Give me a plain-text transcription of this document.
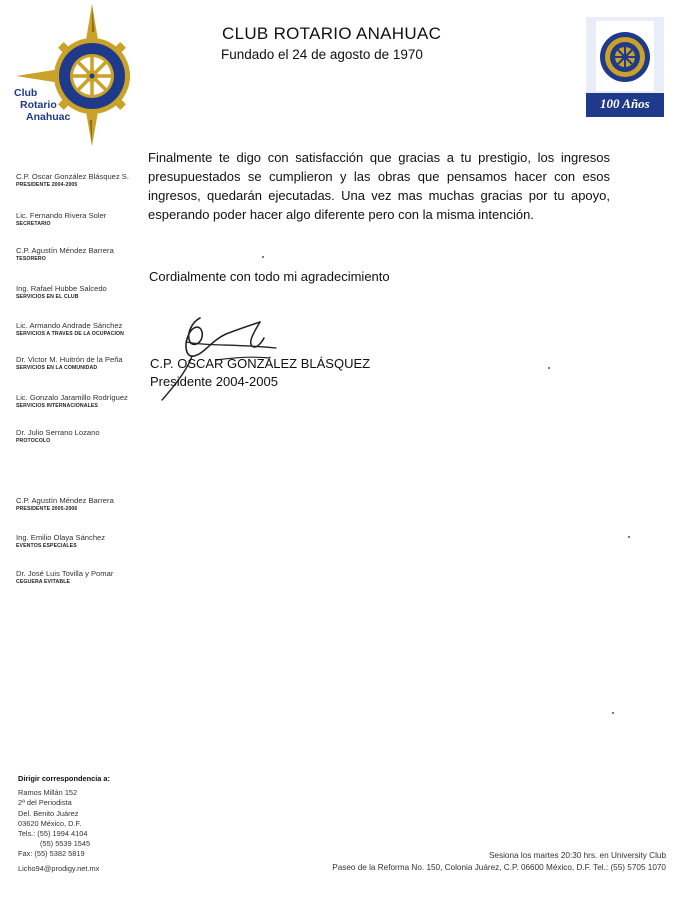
CLUB ROTARIO ANAHUAC
Fundado el 24 de agosto de 1970
Club
Rotario
Anahuac
100 Años
C.P. Oscar González Blásquez S.
PRESIDENTE 2004-2005
Lic. Fernando Rivera Soler
SECRETARIO
C.P. Agustín Méndez Barrera
TESORERO
Ing. Rafael Hubbe Salcedo
SERVICIOS EN EL CLUB
Lic. Armando Andrade Sánchez
SERVICIOS A TRAVES DE LA OCUPACION
Dr. Victor M. Huitrón de la Peña
SERVICIOS EN LA COMUNIDAD
Lic. Gonzalo Jaramillo Rodríguez
SERVICIOS INTERNACIONALES
Dr. Julio Serrano Lozano
PROTOCOLO
C.P. Agustín Méndez Barrera
PRESIDENTE 2005-2006
Ing. Emilio Olaya Sánchez
EVENTOS ESPECIALES
Dr. José Luis Tovilla y Pomar
CEGUERA EVITABLE
Finalmente te digo con satisfacción que gracias a tu prestigio, los ingresos presupuestados se cumplieron y las obras que pensamos hacer con esos ingresos, quedarán ejecutadas. Una vez mas muchas gracias por tu apoyo, esperando poder hacer algo diferente pero con la misma intención.
Cordialmente con todo mi agradecimiento
C.P. OSCAR GONZÁLEZ BLÁSQUEZ
Presidente 2004-2005
Dirigir correspondencia a:
Ramos Millán 152
2ª del Periodista
Del. Benito Juárez
03620 México, D.F.
Tels.: (55) 1994 4104
(55) 5539 1545
Fax: (55) 5382 5819
Licho94@prodigy.net.mx
Sesiona los martes 20:30 hrs. en University Club
Paseo de la Reforma No. 150, Colonia Juárez, C.P. 06600 México, D.F. Tel.: (55) 5705 1070
